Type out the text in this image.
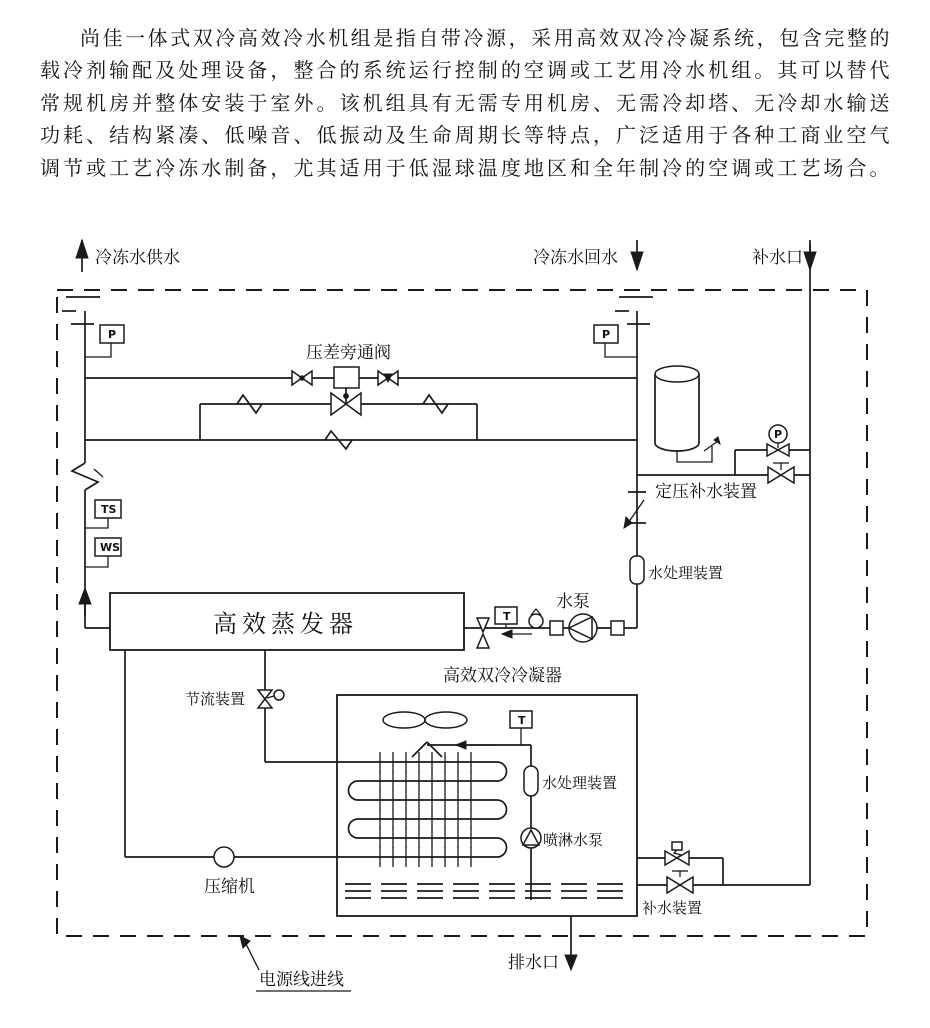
尚佳一体式双冷高效冷水机组是指自带冷源，采用高效双冷冷凝系统，包含完整的
载冷剂输配及处理设备，整合的系统运行控制的空调或工艺用冷水机组。其可以替代
常规机房并整体安装于室外。该机组具有无需专用机房、无需冷却塔、无冷却水输送
功耗、结构紧凑、低噪音、低振动及生命周期长等特点，广泛适用于各种工商业空气
调节或工艺冷冻水制备，尤其适用于低湿球温度地区和全年制冷的空调或工艺场合。
冷冻水供水	冷冻水回水	补水口
P
TS
WS
P
水处理装置
压差旁通阀
P
定压补水装置
高效蒸发器	T
水泵
高效双冷冷凝器
T
水处理装置
喷淋水泵
节流装置
压缩机
补水装置
排水口
电源线进线
